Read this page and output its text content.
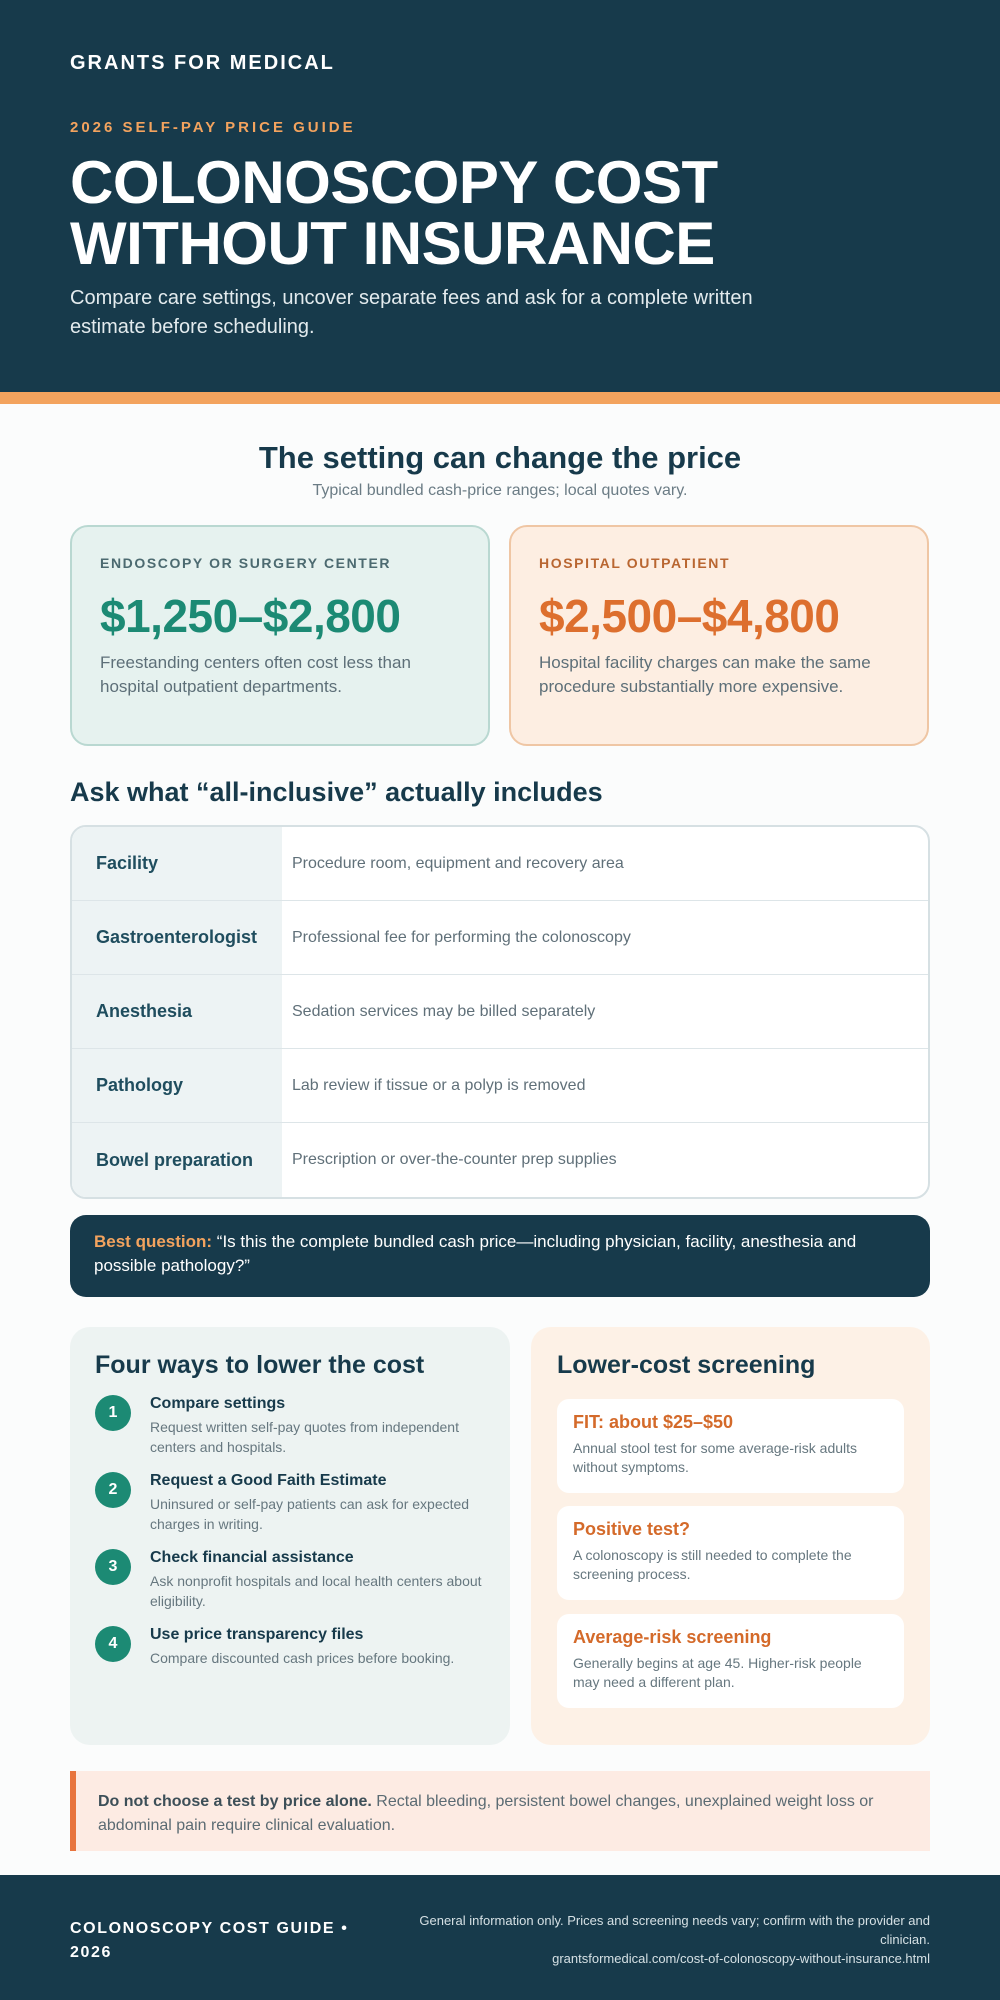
GRANTS FOR MEDICAL
2026 SELF-PAY PRICE GUIDE
COLONOSCOPY COST WITHOUT INSURANCE

Compare care settings, uncover separate fees and ask for a complete written estimate before scheduling.

The setting can change the price

Typical bundled cash-price ranges; local quotes vary.

ENDOSCOPY OR SURGERY CENTER
$1,250–$2,800
Freestanding centers often cost less than hospital outpatient departments.
HOSPITAL OUTPATIENT
$2,500–$4,800
Hospital facility charges can make the same procedure substantially more expensive.
Ask what “all-inclusive” actually includes
Facility	Procedure room, equipment and recovery area
Gastroenterologist	Professional fee for performing the colonoscopy
Anesthesia	Sedation services may be billed separately
Pathology	Lab review if tissue or a polyp is removed
Bowel preparation	Prescription or over-the-counter prep supplies
Best question: “Is this the complete bundled cash price—including physician, facility, anesthesia and possible pathology?”
Four ways to lower the cost
1
Compare settings
Request written self-pay quotes from independent centers and hospitals.
2
Request a Good Faith Estimate
Uninsured or self-pay patients can ask for expected charges in writing.
3
Check financial assistance
Ask nonprofit hospitals and local health centers about eligibility.
4
Use price transparency files
Compare discounted cash prices before booking.
Lower-cost screening
FIT: about $25–$50
Annual stool test for some average-risk adults without symptoms.
Positive test?
A colonoscopy is still needed to complete the screening process.
Average-risk screening
Generally begins at age 45. Higher-risk people may need a different plan.
Do not choose a test by price alone. Rectal bleeding, persistent bowel changes, unexplained weight loss or abdominal pain require clinical evaluation.
COLONOSCOPY COST GUIDE • 2026
General information only. Prices and screening needs vary; confirm with the provider and clinician.
grantsformedical.com/cost-of-colonoscopy-without-insurance.html
